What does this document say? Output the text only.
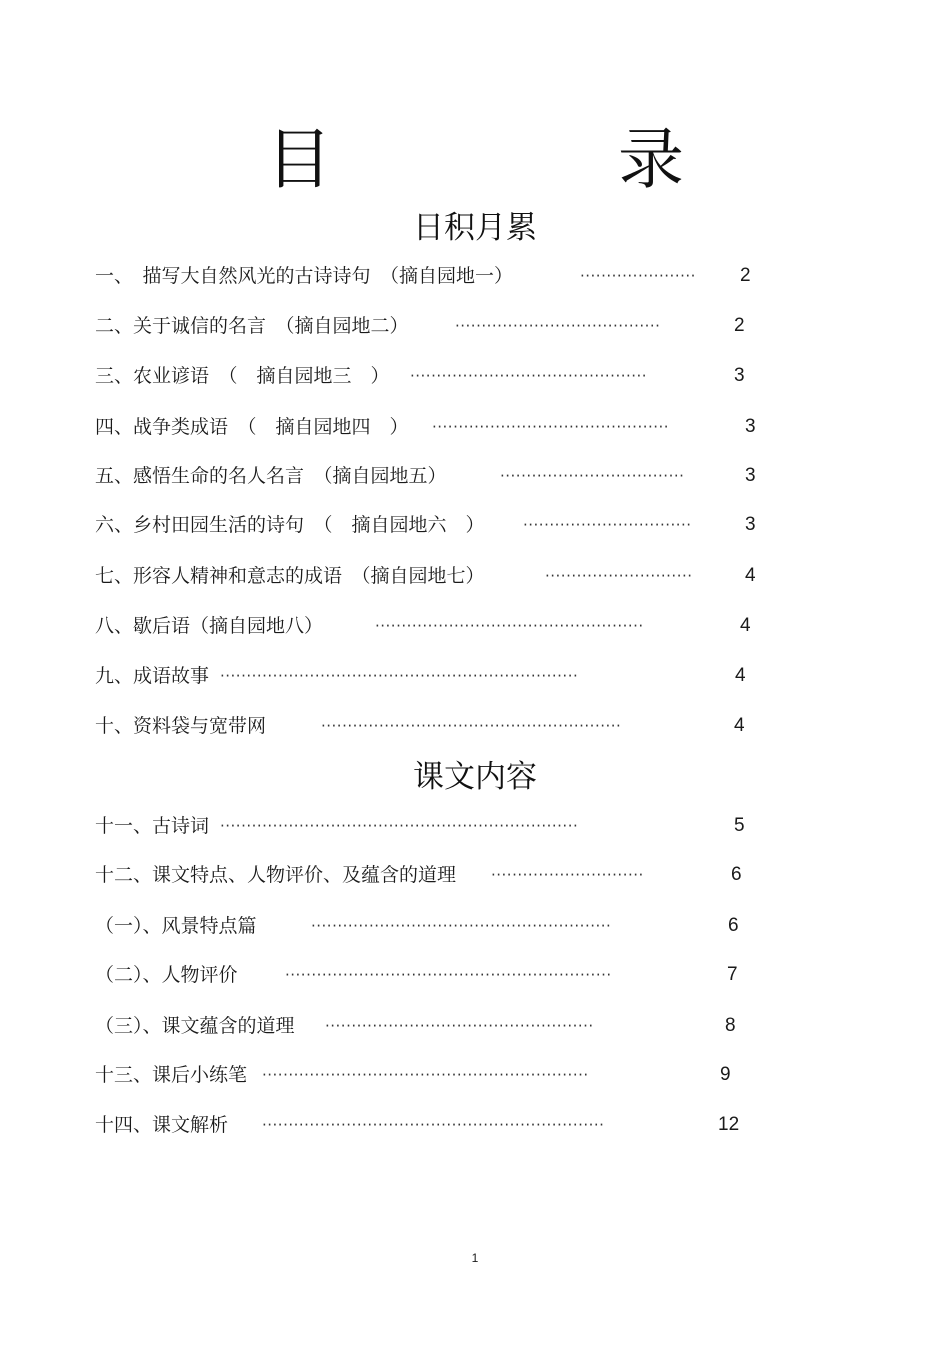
目　录
日积月累
一、　描写大自然风光的古诗诗句　（摘自园地一）	······················	2
二、关于诚信的名言　（摘自园地二）	·······································	2
三、农业谚语　（　摘自园地三　） ·············································	3
四、战争类成语　（　摘自园地四　） ·············································	3
五、感悟生命的名人名言　（摘自园地五）	···································	3
六、乡村田园生活的诗句　（　摘自园地六　）	································	3
七、形容人精神和意志的成语　（摘自园地七）	····························	4
八、歇后语（摘自园地八）	···················································	4
九、成语故事 ····································································	4
十、资料袋与宽带网	·························································	4
课文内容
十一、古诗词 ····································································	5
十二、课文特点、人物评价、及蕴含的道理 ·····························	6
（一）、风景特点篇	·························································	6
（二）、人物评价	······························································	7
（三）、课文蕴含的道理 ···················································	8
十三、课后小练笔 ······························································	9
十四、课文解析 ·································································	12
1
